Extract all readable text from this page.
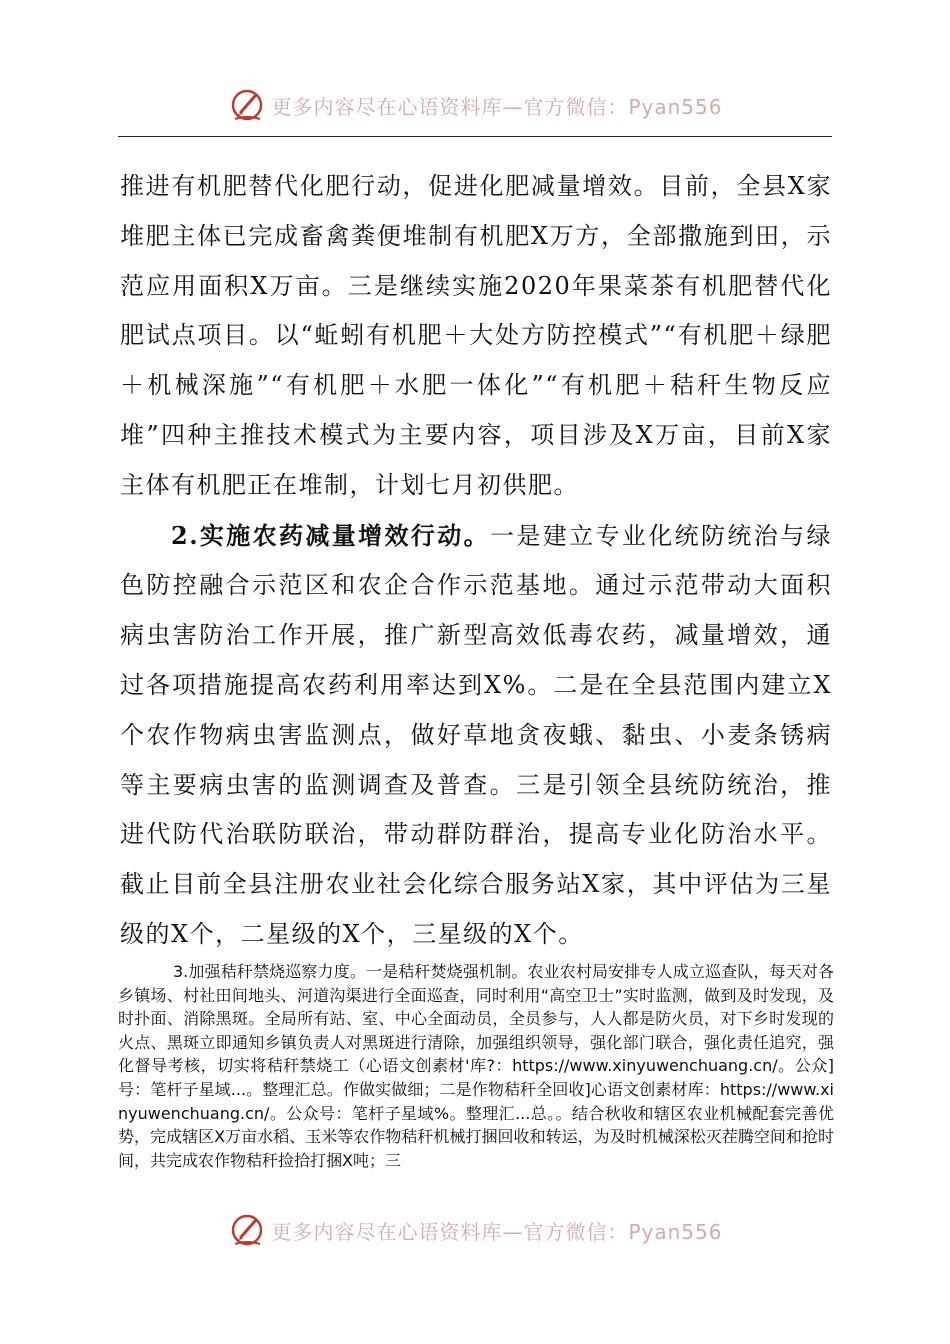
更多内容尽在心语资料库—官方微信：Pyan556

推进有机肥替代化肥行动，促进化肥减量增效。目前，全县X家堆肥主体已完成畜禽粪便堆制有机肥X万方，全部撒施到田，示范应用面积X万亩。三是继续实施2020年果菜茶有机肥替代化肥试点项目。以“蚯蚓有机肥＋大处方防控模式”“有机肥＋绿肥＋机械深施”“有机肥＋水肥一体化”“有机肥＋秸秆生物反应堆”四种主推技术模式为主要内容，项目涉及X万亩，目前X家主体有机肥正在堆制，计划七月初供肥。

2.实施农药减量增效行动。一是建立专业化统防统治与绿色防控融合示范区和农企合作示范基地。通过示范带动大面积病虫害防治工作开展，推广新型高效低毒农药，减量增效，通过各项措施提高农药利用率达到X%。二是在全县范围内建立X个农作物病虫害监测点，做好草地贪夜蛾、黏虫、小麦条锈病等主要病虫害的监测调查及普查。三是引领全县统防统治，推进代防代治联防联治，带动群防群治，提高专业化防治水平。截止目前全县注册农业社会化综合服务站X家，其中评估为三星级的X个，二星级的X个，三星级的X个。

3.加强秸秆禁烧巡察力度。一是秸秆焚烧强机制。农业农村局安排专人成立巡查队，每天对各乡镇场、村社田间地头、河道沟渠进行全面巡查，同时利用“高空卫士”实时监测，做到及时发现，及时扑面、消除黑斑。全局所有站、室、中心全面动员，全员参与，人人都是防火员，对下乡时发现的火点、黑斑立即通知乡镇负责人对黑斑进行清除，加强组织领导，强化部门联合，强化责任追究，强化督导考核，切实将秸秆禁烧工（心语文创素材'库?：https://www.xinyuwenchuang.cn/。公众]号：笔杆子星域...。整理汇总。作做实做细；二是作物秸秆全回收]心语文创素材库：https://www.xinyuwenchuang.cn/。公众号：笔杆子星域%。整理汇...总。。结合秋收和辖区农业机械配套完善优势，完成辖区X万亩水稻、玉米等农作物秸秆机械打捆回收和转运，为及时机械深松灭茬腾空间和抢时间，共完成农作物秸秆捡拾打捆X吨；三

更多内容尽在心语资料库—官方微信：Pyan556
